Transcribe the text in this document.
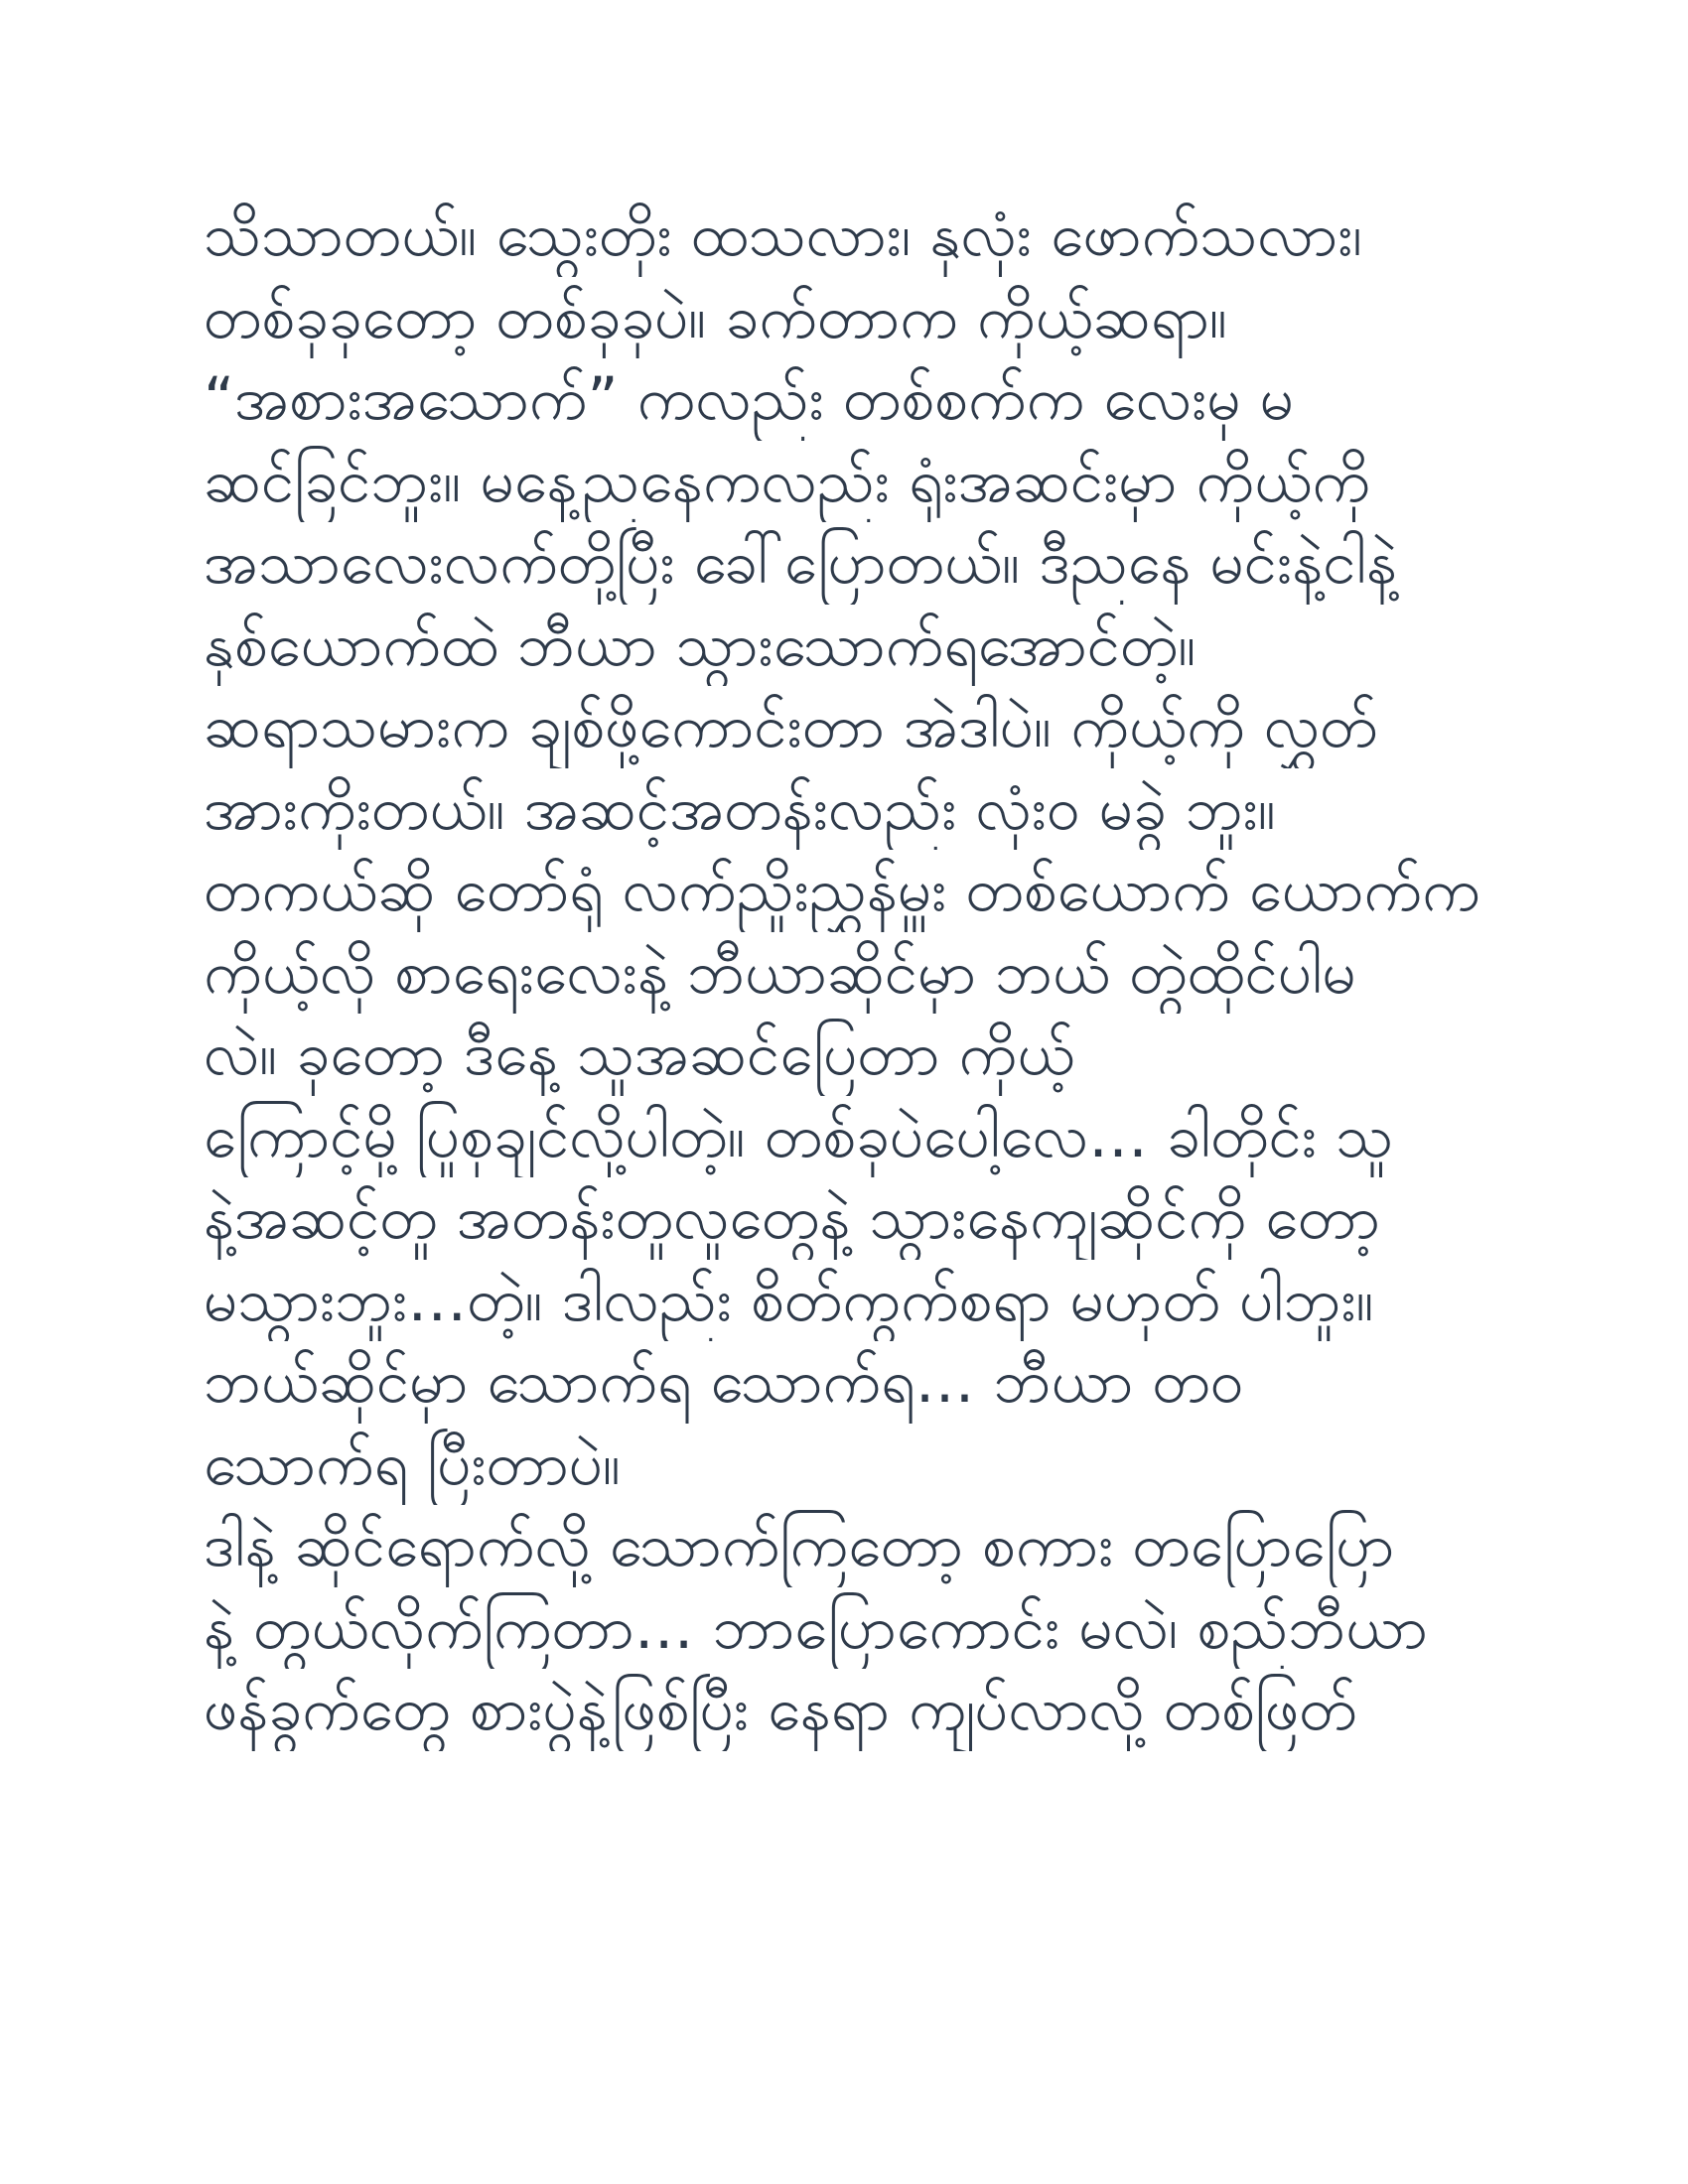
သိသာတယ်။ သွေးတိုး ထသလား၊ နှလုံး ဖောက်သလား၊
တစ်ခုခုတော့ တစ်ခုခုပဲ။ ခက်တာက ကိုယ့်ဆရာ။
“အစားအသောက်” ကလည်း တစ်စက်က လေးမှ မ
ဆင်ခြင်ဘူး။ မနေ့ညနေကလည်း ရုံးအဆင်းမှာ ကိုယ့်ကို
အသာလေးလက်တို့ပြီး ခေါ်ပြောတယ်။ ဒီညနေ မင်းနဲ့ငါနဲ့
နှစ်ယောက်ထဲ ဘီယာ သွားသောက်ရအောင်တဲ့။
ဆရာသမားက ချစ်ဖို့ကောင်းတာ အဲဒါပဲ။ ကိုယ့်ကို လွှတ်
အားကိုးတယ်။ အဆင့်အတန်းလည်း လုံးဝ မခွဲ ဘူး။
တကယ်ဆို တော်ရုံ လက်ညှိုးညွှန်မှူး တစ်ယောက် ယောက်က
ကိုယ့်လို စာရေးလေးနဲ့ ဘီယာဆိုင်မှာ ဘယ် တွဲထိုင်ပါမ
လဲ။ ခုတော့ ဒီနေ့ သူအဆင်ပြေတာ ကိုယ့်
ကြောင့်မို့ ပြုစုချင်လို့ပါတဲ့။ တစ်ခုပဲပေါ့လေ… ခါတိုင်း သူ
နဲ့အဆင့်တူ အတန်းတူလူတွေနဲ့ သွားနေကျဆိုင်ကို တော့
မသွားဘူး…တဲ့။ ဒါလည်း စိတ်ကွက်စရာ မဟုတ် ပါဘူး။
ဘယ်ဆိုင်မှာ သောက်ရ သောက်ရ… ဘီယာ တဝ
သောက်ရ ပြီးတာပဲ။
ဒါနဲ့ ဆိုင်ရောက်လို့ သောက်ကြတော့ စကား တပြောပြော
နဲ့ တွယ်လိုက်ကြတာ… ဘာပြောကောင်း မလဲ၊ စည်ဘီယာ
ဖန်ခွက်တွေ စားပွဲနဲ့ဖြစ်ပြီး နေရာ ကျပ်လာလို့ တစ်ဖြတ်
